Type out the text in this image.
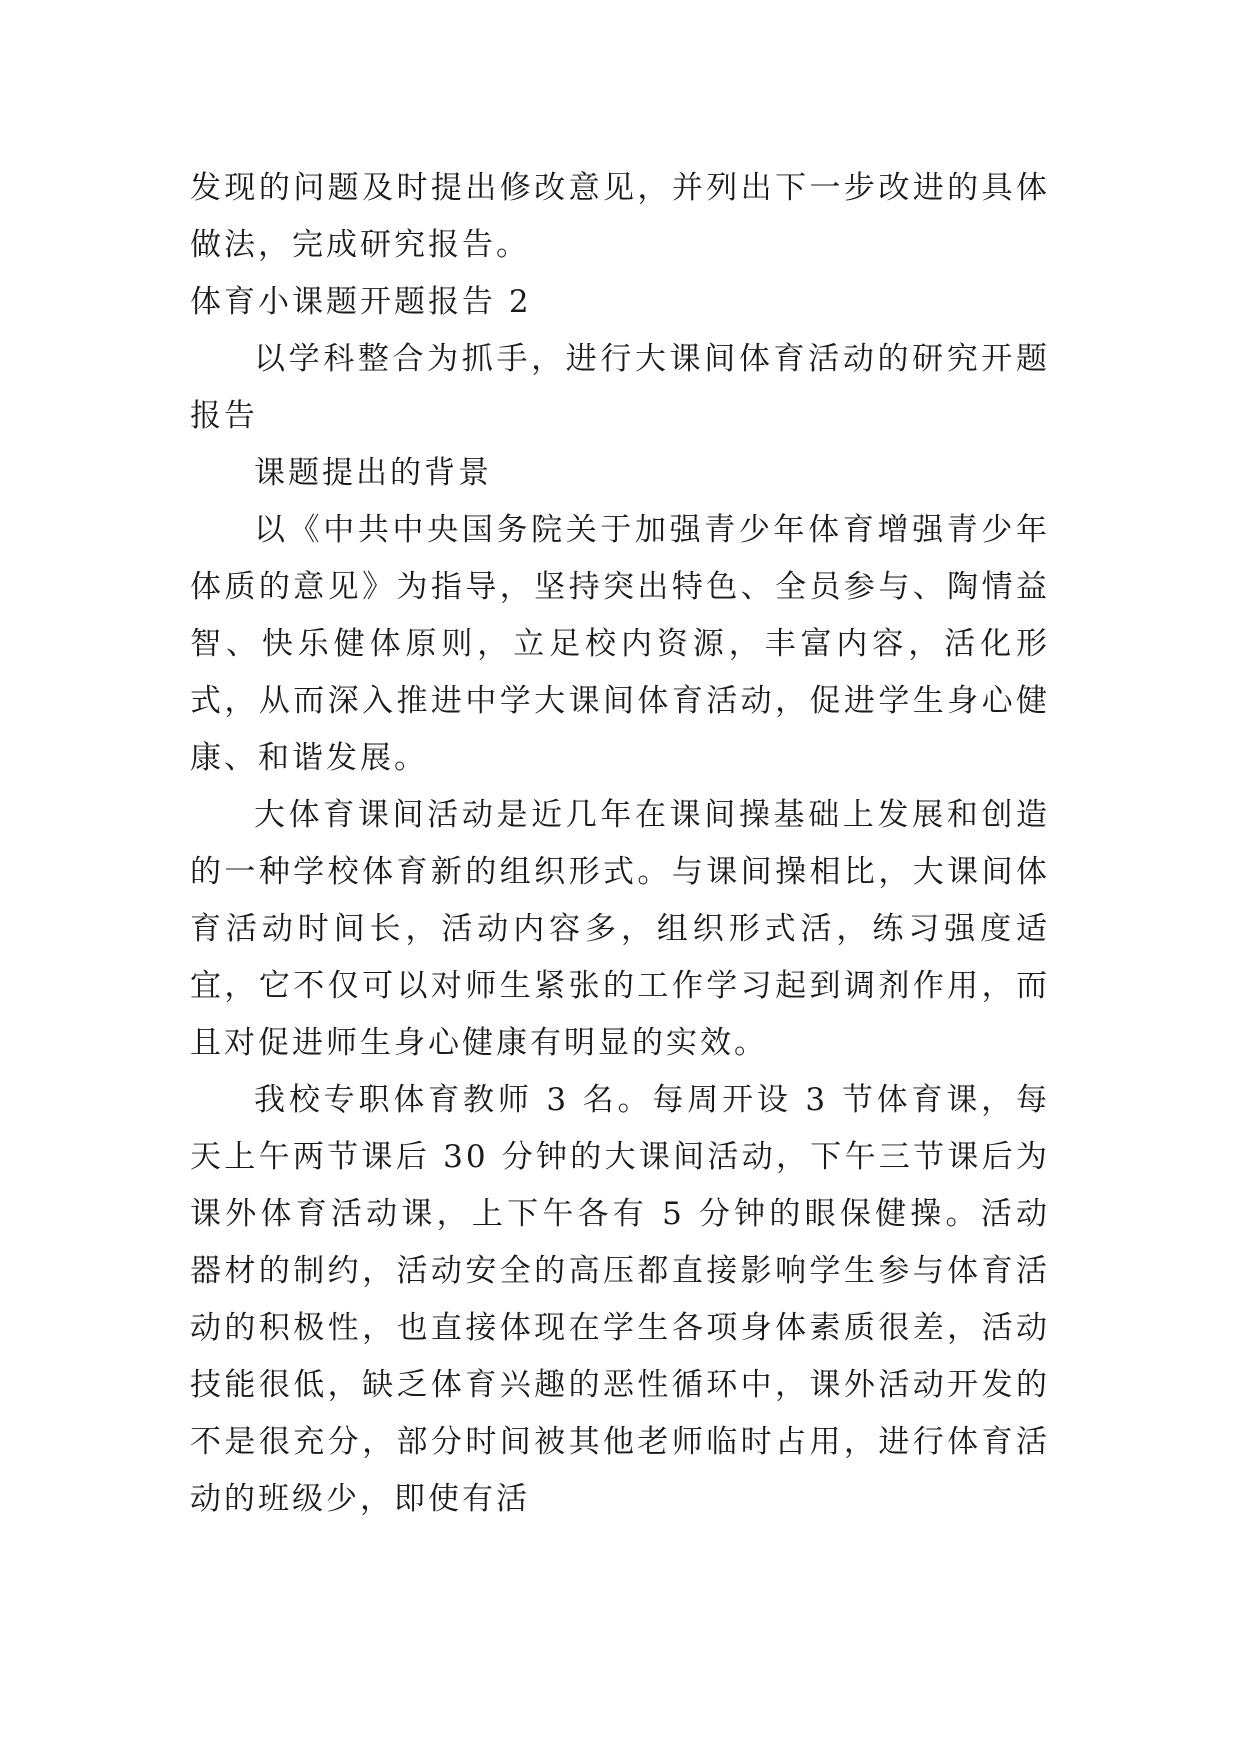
发现的问题及时提出修改意见，并列出下一步改进的具体做法，完成研究报告。

体育小课题开题报告 2

以学科整合为抓手，进行大课间体育活动的研究开题报告

课题提出的背景

以《中共中央国务院关于加强青少年体育增强青少年体质的意见》为指导，坚持突出特色、全员参与、陶情益智、快乐健体原则，立足校内资源，丰富内容，活化形式，从而深入推进中学大课间体育活动，促进学生身心健康、和谐发展。

大体育课间活动是近几年在课间操基础上发展和创造的一种学校体育新的组织形式。与课间操相比，大课间体育活动时间长，活动内容多，组织形式活，练习强度适宜，它不仅可以对师生紧张的工作学习起到调剂作用，而且对促进师生身心健康有明显的实效。

我校专职体育教师 3 名。每周开设 3 节体育课，每天上午两节课后 30 分钟的大课间活动，下午三节课后为课外体育活动课，上下午各有 5 分钟的眼保健操。活动器材的制约，活动安全的高压都直接影响学生参与体育活动的积极性，也直接体现在学生各项身体素质很差，活动技能很低，缺乏体育兴趣的恶性循环中，课外活动开发的不是很充分，部分时间被其他老师临时占用，进行体育活动的班级少，即使有活
